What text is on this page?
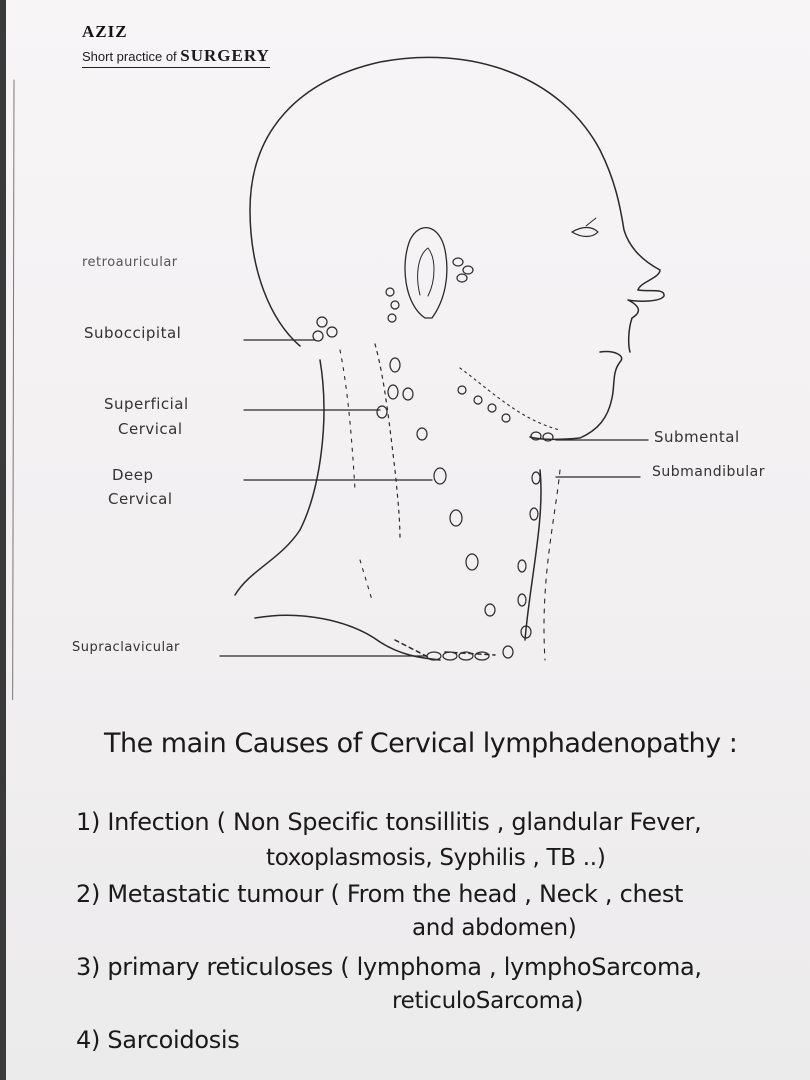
AZIZ
Short practice of SURGERY
retroauricular
Suboccipital
Superficial
Cervical
Deep
Cervical
Submental
Submandibular
Supraclavicular
The main Causes of Cervical lymphadenopathy :
1) Infection ( Non Specific tonsillitis , glandular Fever,
toxoplasmosis, Syphilis , TB ..)
2) Metastatic tumour ( From the head , Neck , chest
and abdomen)
3) primary reticuloses ( lymphoma , lymphoSarcoma,
reticuloSarcoma)
4) Sarcoidosis
